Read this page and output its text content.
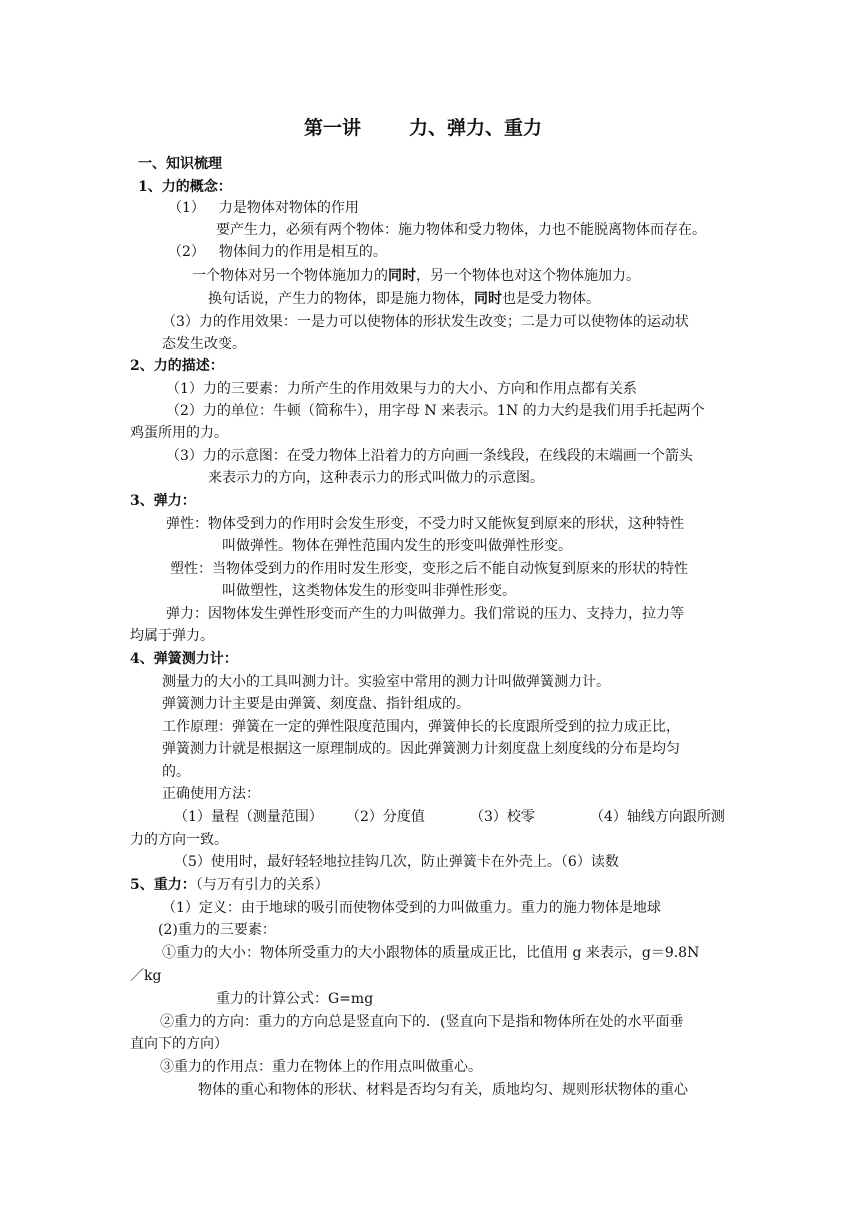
第一讲	力、弹力、重力
一、知识梳理
1、力的概念：
（1） 力是物体对物体的作用
要产生力，必须有两个物体：施力物体和受力物体，力也不能脱离物体而存在。
（2） 物体间力的作用是相互的。
一个物体对另一个物体施加力的同时，另一个物体也对这个物体施加力。
换句话说，产生力的物体，即是施力物体，同时也是受力物体。
（3）力的作用效果：一是力可以使物体的形状发生改变；二是力可以使物体的运动状
态发生改变。
2、力的描述：
（1）力的三要素：力所产生的作用效果与力的大小、方向和作用点都有关系
（2）力的单位：牛顿（简称牛），用字母 N 来表示。1N 的力大约是我们用手托起两个
鸡蛋所用的力。
（3）力的示意图：在受力物体上沿着力的方向画一条线段，在线段的末端画一个箭头
来表示力的方向，这种表示力的形式叫做力的示意图。
3、弹力：
弹性：物体受到力的作用时会发生形变，不受力时又能恢复到原来的形状，这种特性
叫做弹性。物体在弹性范围内发生的形变叫做弹性形变。
塑性：当物体受到力的作用时发生形变，变形之后不能自动恢复到原来的形状的特性
叫做塑性，这类物体发生的形变叫非弹性形变。
弹力：因物体发生弹性形变而产生的力叫做弹力。我们常说的压力、支持力，拉力等
均属于弹力。
4、弹簧测力计：
测量力的大小的工具叫测力计。实验室中常用的测力计叫做弹簧测力计。
弹簧测力计主要是由弹簧、刻度盘、指针组成的。
工作原理：弹簧在一定的弹性限度范围内，弹簧伸长的长度跟所受到的拉力成正比，
弹簧测力计就是根据这一原理制成的。因此弹簧测力计刻度盘上刻度线的分布是均匀
的。
正确使用方法：
（1）量程（测量范围） （2）分度值	（3）校零	（4）轴线方向跟所测
力的方向一致。
（5）使用时，最好轻轻地拉挂钩几次，防止弹簧卡在外壳上。（6）读数
5、重力：（与万有引力的关系）
（1）定义：由于地球的吸引而使物体受到的力叫做重力。重力的施力物体是地球
(2)重力的三要素：
①重力的大小：物体所受重力的大小跟物体的质量成正比，比值用 g 来表示，g＝9.8N
／kg
重力的计算公式：G=mg
②重力的方向：重力的方向总是竖直向下的．(竖直向下是指和物体所在处的水平面垂
直向下的方向）
③重力的作用点：重力在物体上的作用点叫做重心。
物体的重心和物体的形状、材料是否均匀有关，质地均匀、规则形状物体的重心
